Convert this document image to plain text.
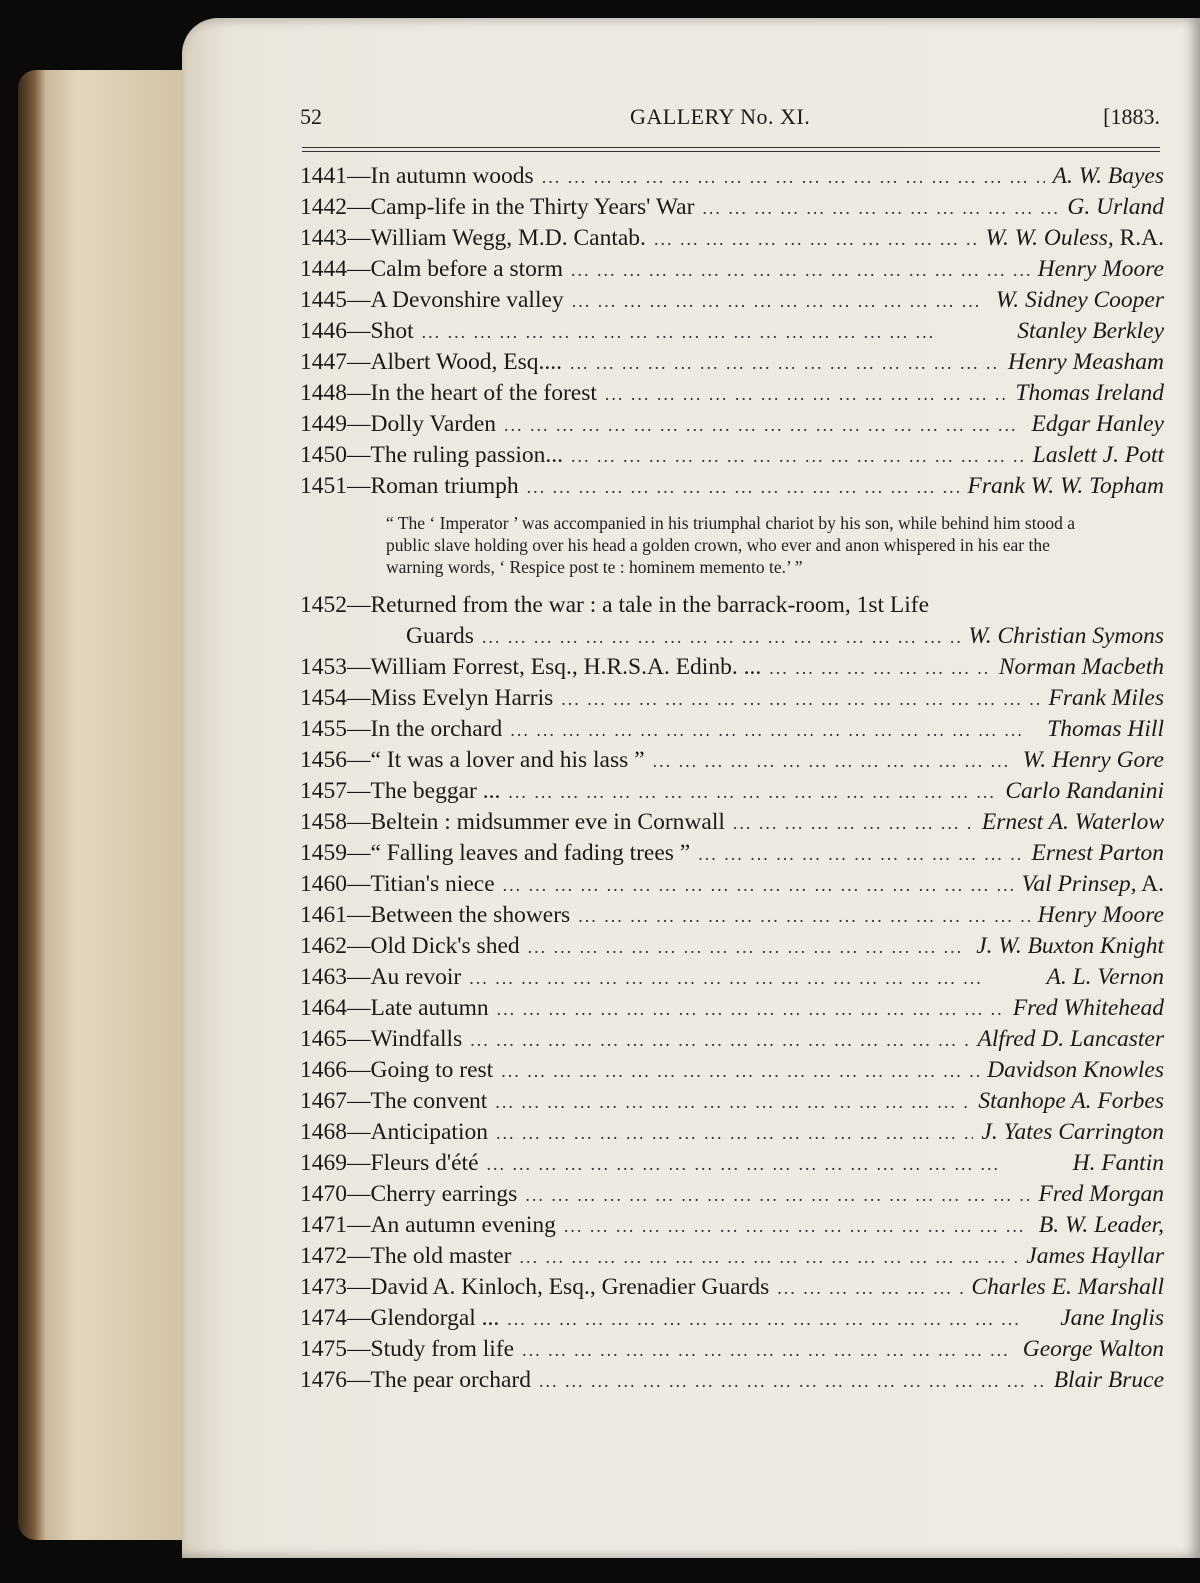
52	GALLERY No. XI.	[1883.
1441 — In autumn woods ... .	A. W. Bayes
1442 — Camp-life in the Thirty Years' War ... .	G. Urland
1443 — William Wegg, M.D. Cantab. ... .	W. W. Ouless, R.A.
1444 — Calm before a storm ... .	Henry Moore
1445 — A Devonshire valley ... .	W. Sidney Cooper
1446 — Shot ... .	Stanley Berkley
1447 — Albert Wood, Esq.... ... .	Henry Measham
1448 — In the heart of the forest ... .	Thomas Ireland
1449 — Dolly Varden ... .	Edgar Hanley
1450 — The ruling passion... ... .	Laslett J. Pott
1451 — Roman triumph ... .	Frank W. W. Topham
“ The ‘ Imperator ’ was accompanied in his triumphal chariot by his son, while behind him stood a public slave holding over his head a golden crown, who ever and anon whispered in his ear the warning words, ‘ Respice post te : hominem memento te.’ ”
1452 — Returned from the war : a tale in the barrack-room, 1st Life
Guards ... .	W. Christian Symons
1453 — William Forrest, Esq., H.R.S.A. Edinb. ... ... .	Norman Macbeth
1454 — Miss Evelyn Harris ... .	Frank Miles
1455 — In the orchard ... .	Thomas Hill
1456 — “ It was a lover and his lass ” ... .	W. Henry Gore
1457 — The beggar ... ... .	Carlo Randanini
1458 — Beltein : midsummer eve in Cornwall ... .	Ernest A. Waterlow
1459 — “ Falling leaves and fading trees ” ... .	Ernest Parton
1460 — Titian's niece ... .	Val Prinsep, A.
1461 — Between the showers ... .	Henry Moore
1462 — Old Dick's shed ... .	J. W. Buxton Knight
1463 — Au revoir ... .	A. L. Vernon
1464 — Late autumn ... .	Fred Whitehead
1465 — Windfalls ... .	Alfred D. Lancaster
1466 — Going to rest ... .	Davidson Knowles
1467 — The convent ... .	Stanhope A. Forbes
1468 — Anticipation ... .	J. Yates Carrington
1469 — Fleurs d'été ... .	H. Fantin
1470 — Cherry earrings ... .	Fred Morgan
1471 — An autumn evening ... .	B. W. Leader,
1472 — The old master ... .	James Hayllar
1473 — David A. Kinloch, Esq., Grenadier Guards ... .	Charles E. Marshall
1474 — Glendorgal ... ... .	Jane Inglis
1475 — Study from life ... .	George Walton
1476 — The pear orchard ... .	Blair Bruce
